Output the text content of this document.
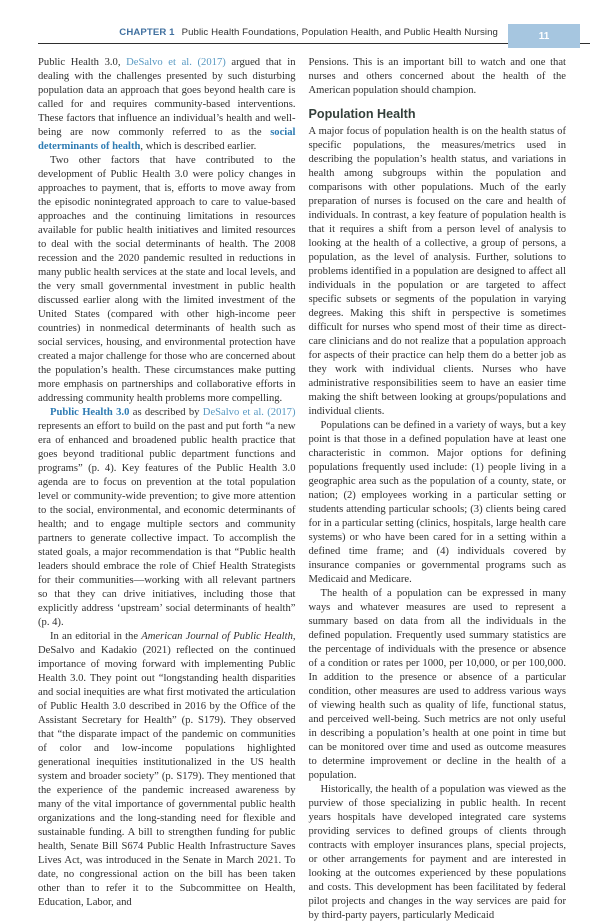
CHAPTER 1 Public Health Foundations, Population Health, and Public Health Nursing	11

Public Health 3.0, DeSalvo et al. (2017) argued that in dealing with the challenges presented by such disturbing population data an approach that goes beyond health care is called for and requires community-based interventions. These factors that influence an individual’s health and well-being are now commonly referred to as the social determinants of health, which is described earlier.

Two other factors that have contributed to the development of Public Health 3.0 were policy changes in approaches to payment, that is, efforts to move away from the episodic nonintegrated approach to care to value-based approaches and the continuing limitations in resources available for public health initiatives and limited resources to deal with the social determinants of health. The 2008 recession and the 2020 pandemic resulted in reductions in many public health services at the state and local levels, and the very small governmental investment in public health discussed earlier along with the limited investment of the United States (compared with other high-income peer countries) in nonmedical determinants of health such as social services, housing, and environmental protection have created a major challenge for those who are concerned about the population’s health. These circumstances make putting more emphasis on partnerships and collaborative efforts in addressing community health problems more compelling.

Public Health 3.0 as described by DeSalvo et al. (2017) represents an effort to build on the past and put forth “a new era of enhanced and broadened public health practice that goes beyond traditional public department functions and programs” (p. 4). Key features of the Public Health 3.0 agenda are to focus on prevention at the total population level or community-wide prevention; to give more attention to the social, environmental, and economic determinants of health; and to engage multiple sectors and community partners to generate collective impact. To accomplish the stated goals, a major recommendation is that “Public health leaders should embrace the role of Chief Health Strategists for their communities—working with all relevant partners so that they can drive initiatives, including those that explicitly address ‘upstream’ social determinants of health” (p. 4).

In an editorial in the American Journal of Public Health, DeSalvo and Kadakio (2021) reflected on the continued importance of moving forward with implementing Public Health 3.0. They point out “longstanding health disparities and social inequities are what first motivated the articulation of Public Health 3.0 described in 2016 by the Office of the Assistant Secretary for Health” (p. S179). They observed that “the disparate impact of the pandemic on communities of color and low-income populations highlighted generational inequities institutionalized in the US health system and broader society” (p. S179). They mentioned that the experience of the pandemic increased awareness by many of the vital importance of governmental public health organizations and the long-standing need for flexible and sustainable funding. A bill to strengthen funding for public health, Senate Bill S674 Public Health Infrastructure Saves Lives Act, was introduced in the Senate in March 2021. To date, no congressional action on the bill has been taken other than to refer it to the Subcommittee on Health, Education, Labor, and

Pensions. This is an important bill to watch and one that nurses and others concerned about the health of the American population should champion.

Population Health

A major focus of population health is on the health status of specific populations, the measures/metrics used in describing the population’s health status, and variations in health among subgroups within the population and comparisons with other populations. Much of the early preparation of nurses is focused on the care and health of individuals. In contrast, a key feature of population health is that it requires a shift from a person level of analysis to looking at the health of a collective, a group of persons, a population, as the level of analysis. Further, solutions to problems identified in a population are designed to affect all individuals in the population or are targeted to affect specific subsets or segments of the population in varying degrees. Making this shift in perspective is sometimes difficult for nurses who spend most of their time as direct-care clinicians and do not realize that a population approach for aspects of their practice can help them do a better job as they work with individual clients. Nurses who have administrative responsibilities seem to have an easier time making the shift between looking at groups/populations and individual clients.

Populations can be defined in a variety of ways, but a key point is that those in a defined population have at least one characteristic in common. Major options for defining populations frequently used include: (1) people living in a geographic area such as the population of a county, state, or nation; (2) employees working in a particular setting or students attending particular schools; (3) clients being cared for in a particular setting (clinics, hospitals, large health care systems) or who have been cared for in a setting within a defined time frame; and (4) individuals covered by insurance companies or governmental programs such as Medicaid and Medicare.

The health of a population can be expressed in many ways and whatever measures are used to represent a summary based on data from all the individuals in the defined population. Frequently used summary statistics are the percentage of individuals with the presence or absence of a condition or rates per 1000, per 10,000, or per 100,000. In addition to the presence or absence of a particular condition, other measures are used to address various ways of viewing health such as quality of life, functional status, and perceived well-being. Such metrics are not only useful in describing a population’s health at one point in time but can be monitored over time and used as outcome measures to determine improvement or decline in the health of a population.

Historically, the health of a population was viewed as the purview of those specializing in public health. In recent years hospitals have developed integrated care systems providing services to defined groups of clients through contracts with employer insurances plans, special projects, or other arrangements for payment and are interested in looking at the outcomes experienced by these populations and costs. This development has been facilitated by federal pilot projects and changes in the way services are paid for by third-party payers, particularly Medicaid
